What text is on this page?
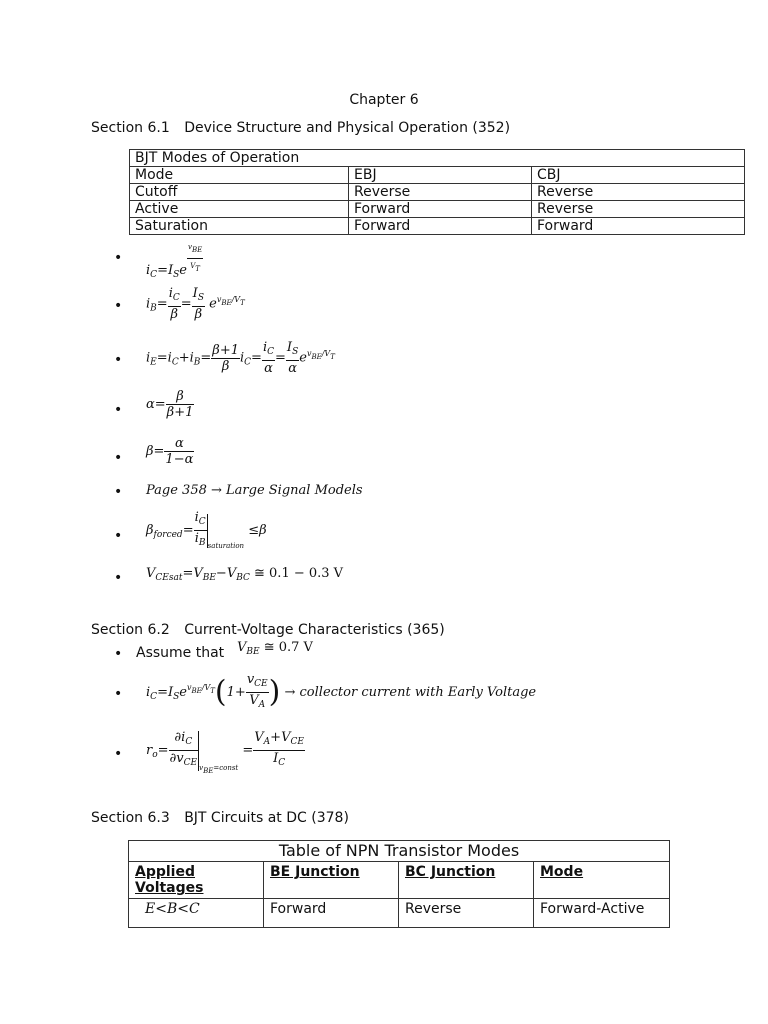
Chapter 6
Section 6.1 Device Structure and Physical Operation (352)
BJT Modes of Operation		
Mode	EBJ	CBJ
Cutoff	Reverse	Reverse
Active	Forward	Reverse
Saturation	Forward	Forward
•
$i_C=I_Se$
$v_{BE}$
$V_T$
• $i_B= \frac{i_C}{\beta} = \frac{I_S}{\beta} e^{v_{BE}/V_T}$
• $i_E=i_C+i_B= \frac{\beta+1}{\beta} i_C= \frac{i_C}{\alpha} = \frac{I_S}{\alpha} e^{v_{BE}/V_T}$
• $\alpha= \frac{\beta}{\beta+1}$
• $\beta= \frac{\alpha}{1-\alpha}$
• Page 358 → Large Signal Models
• $\beta_{forced}= \frac{i_C}{i_B} _{saturation} \le\beta$
• $V_{CEsat}=V_{BE}-V_{BC}$ ≅ 0.1 − 0.3 V
Section 6.2 Current-Voltage Characteristics (365)
• Assume that $V_{BE}$ ≅ 0.7 V
• $i_C=I_Se^{v_{BE}/V_T}(1+$
$v_{CE}$
$V_A$ ) → collector current with Early Voltage
• $r_o=$
$\partial i_C$
$\partial v_{CE}$ $_{v_{BE}=const}$ =
$V_A+V_{CE}$
$I_C$
Section 6.3 BJT Circuits at DC (378)
Table of NPN Transistor Modes			
Applied Voltages	BE Junction	BC Junction	Mode
E<B<C	Forward	Reverse	Forward-Active
